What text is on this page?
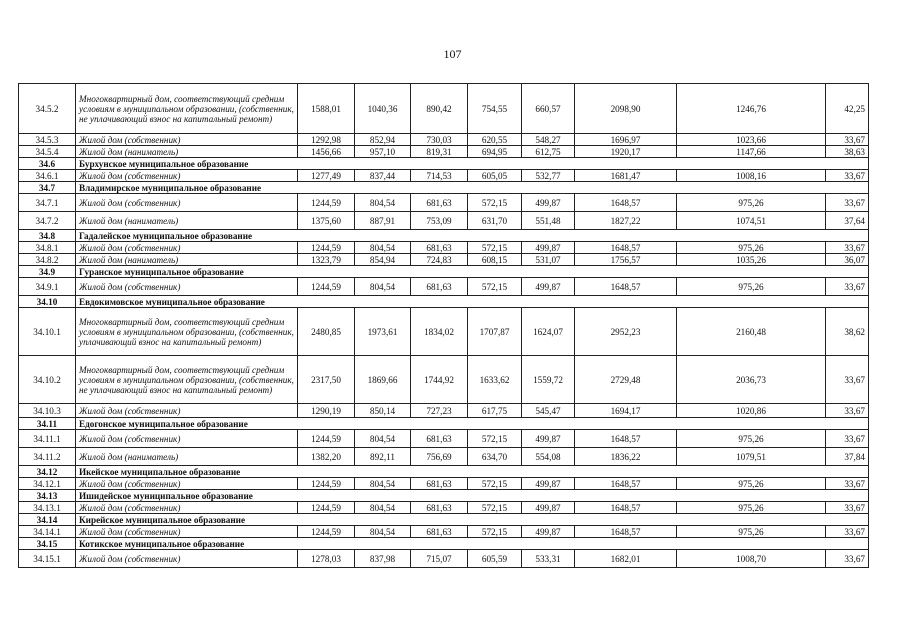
107
34.5.2	Многоквартирный дом, соответствующий средним условиям в муниципальном образовании, (собственник, не уплачивающий взнос на капитальный ремонт)	1588,01	1040,36	890,42	754,55	660,57	2098,90	1246,76	42,25
34.5.3	Жилой дом (собственник)	1292,98	852,94	730,03	620,55	548,27	1696,97	1023,66	33,67
34.5.4	Жилой дом (наниматель)	1456,66	957,10	819,31	694,95	612,75	1920,17	1147,66	38,63
34.6	Бурхунское муниципальное образование								
34.6.1	Жилой дом (собственник)	1277,49	837,44	714,53	605,05	532,77	1681,47	1008,16	33,67
34.7	Владимирское муниципальное образование								
34.7.1	Жилой дом (собственник)	1244,59	804,54	681,63	572,15	499,87	1648,57	975,26	33,67
34.7.2	Жилой дом (наниматель)	1375,60	887,91	753,09	631,70	551,48	1827,22	1074,51	37,64
34.8	Гадалейское муниципальное образование								
34.8.1	Жилой дом (собственник)	1244,59	804,54	681,63	572,15	499,87	1648,57	975,26	33,67
34.8.2	Жилой дом (наниматель)	1323,79	854,94	724,83	608,15	531,07	1756,57	1035,26	36,07
34.9	Гуранское муниципальное образование								
34.9.1	Жилой дом (собственник)	1244,59	804,54	681,63	572,15	499,87	1648,57	975,26	33,67
34.10	Евдокимовское муниципальное образование								
34.10.1	Многоквартирный дом, соответствующий средним условиям в муниципальном образовании, (собственник, уплачивающий взнос на капитальный ремонт)	2480,85	1973,61	1834,02	1707,87	1624,07	2952,23	2160,48	38,62
34.10.2	Многоквартирный дом, соответствующий средним условиям в муниципальном образовании, (собственник, не уплачивающий взнос на капитальный ремонт)	2317,50	1869,66	1744,92	1633,62	1559,72	2729,48	2036,73	33,67
34.10.3	Жилой дом (собственник)	1290,19	850,14	727,23	617,75	545,47	1694,17	1020,86	33,67
34.11	Едогонское муниципальное образование								
34.11.1	Жилой дом (собственник)	1244,59	804,54	681,63	572,15	499,87	1648,57	975,26	33,67
34.11.2	Жилой дом (наниматель)	1382,20	892,11	756,69	634,70	554,08	1836,22	1079,51	37,84
34.12	Икейское муниципальное образование								
34.12.1	Жилой дом (собственник)	1244,59	804,54	681,63	572,15	499,87	1648,57	975,26	33,67
34.13	Ишидейское муниципальное образование								
34.13.1	Жилой дом (собственник)	1244,59	804,54	681,63	572,15	499,87	1648,57	975,26	33,67
34.14	Кирейское муниципальное образование								
34.14.1	Жилой дом (собственник)	1244,59	804,54	681,63	572,15	499,87	1648,57	975,26	33,67
34.15	Котикское муниципальное образование								
34.15.1	Жилой дом (собственник)	1278,03	837,98	715,07	605,59	533,31	1682,01	1008,70	33,67
